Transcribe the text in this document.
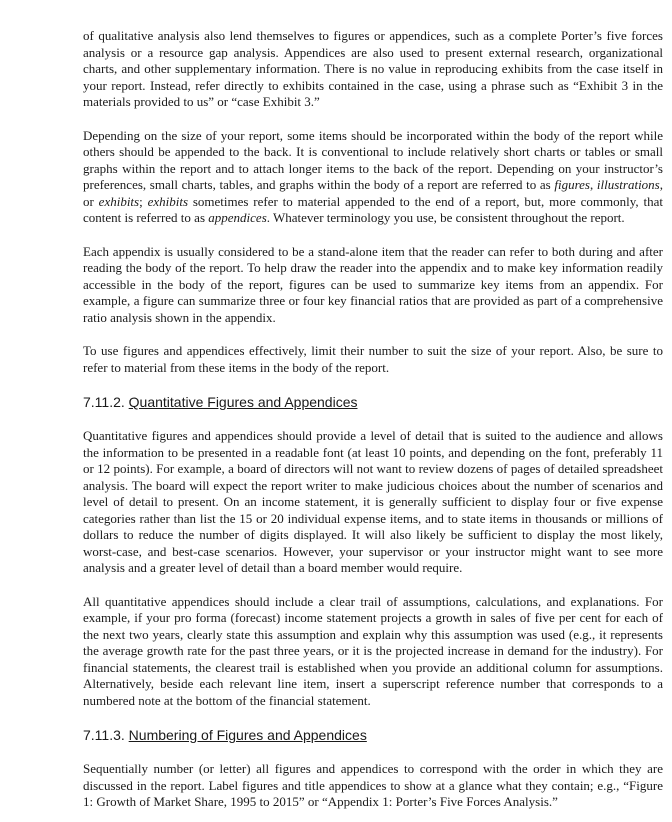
of qualitative analysis also lend themselves to figures or appendices, such as a complete Porter’s five forces analysis or a resource gap analysis. Appendices are also used to present external research, organizational charts, and other supplementary information. There is no value in reproducing exhibits from the case itself in your report. Instead, refer directly to exhibits contained in the case, using a phrase such as “Exhibit 3 in the materials provided to us” or “case Exhibit 3.”

Depending on the size of your report, some items should be incorporated within the body of the report while others should be appended to the back. It is conventional to include relatively short charts or tables or small graphs within the report and to attach longer items to the back of the report. Depending on your instructor’s preferences, small charts, tables, and graphs within the body of a report are referred to as figures, illustrations, or exhibits; exhibits sometimes refer to material appended to the end of a report, but, more commonly, that content is referred to as appendices. Whatever terminology you use, be consistent throughout the report.

Each appendix is usually considered to be a stand-alone item that the reader can refer to both during and after reading the body of the report. To help draw the reader into the appendix and to make key information readily accessible in the body of the report, figures can be used to summarize key items from an appendix. For example, a figure can summarize three or four key financial ratios that are provided as part of a comprehensive ratio analysis shown in the appendix.

To use figures and appendices effectively, limit their number to suit the size of your report. Also, be sure to refer to material from these items in the body of the report.

7.11.2. Quantitative Figures and Appendices

Quantitative figures and appendices should provide a level of detail that is suited to the audience and allows the information to be presented in a readable font (at least 10 points, and depending on the font, preferably 11 or 12 points). For example, a board of directors will not want to review dozens of pages of detailed spreadsheet analysis. The board will expect the report writer to make judicious choices about the number of scenarios and level of detail to present. On an income statement, it is generally sufficient to display four or five expense categories rather than list the 15 or 20 individual expense items, and to state items in thousands or millions of dollars to reduce the number of digits displayed. It will also likely be sufficient to display the most likely, worst-case, and best-case scenarios. However, your supervisor or your instructor might want to see more analysis and a greater level of detail than a board member would require.

All quantitative appendices should include a clear trail of assumptions, calculations, and explanations. For example, if your pro forma (forecast) income statement projects a growth in sales of five per cent for each of the next two years, clearly state this assumption and explain why this assumption was used (e.g., it represents the average growth rate for the past three years, or it is the projected increase in demand for the industry). For financial statements, the clearest trail is established when you provide an additional column for assumptions. Alternatively, beside each relevant line item, insert a superscript reference number that corresponds to a numbered note at the bottom of the financial statement.

7.11.3. Numbering of Figures and Appendices

Sequentially number (or letter) all figures and appendices to correspond with the order in which they are discussed in the report. Label figures and title appendices to show at a glance what they contain; e.g., “Figure 1: Growth of Market Share, 1995 to 2015” or “Appendix 1: Porter’s Five Forces Analysis.”
